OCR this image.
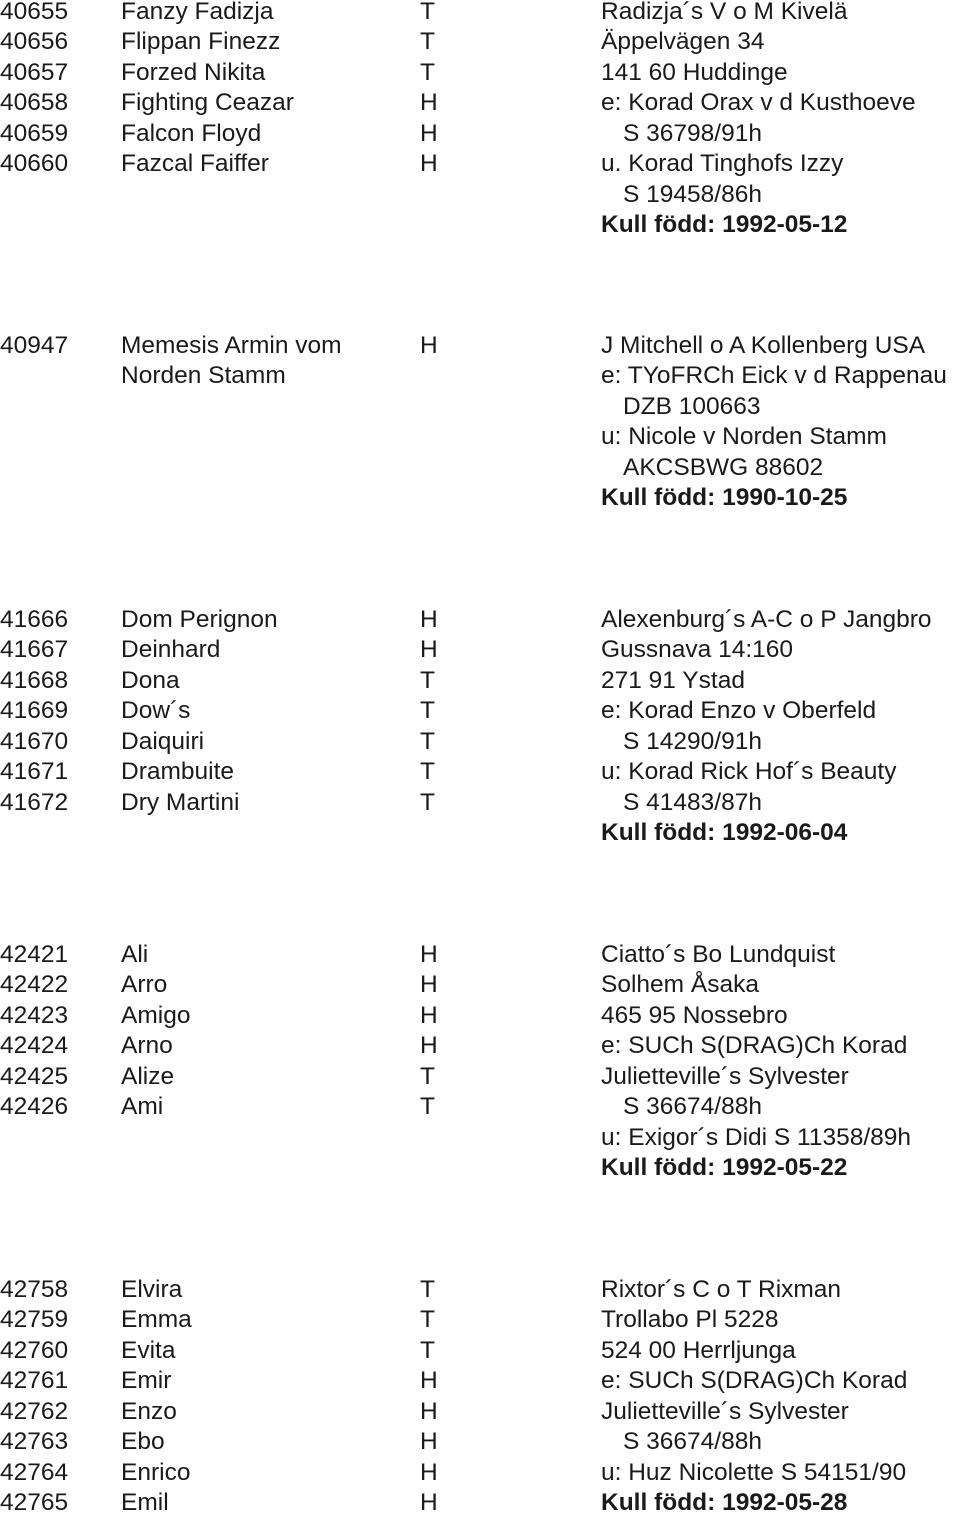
40655 Fanzy Fadizja	T	Radizja´s V o M Kivelä
40656 Flippan Finezz	T	Äppelvägen 34
40657 Forzed Nikita	T	141 60 Huddinge
40658 Fighting Ceazar	H	e: Korad Orax v d Kusthoeve
40659 Falcon Floyd	H	S 36798/91h
40660 Fazcal Faiffer	H	u. Korad Tinghofs Izzy
S 19458/86h
Kull född: 1992-05-12
40947 Memesis Armin vom	H	J Mitchell o A Kollenberg USA
Norden Stamm	e: TYoFRCh Eick v d Rappenau
DZB 100663
u: Nicole v Norden Stamm
AKCSBWG 88602
Kull född: 1990-10-25
41666 Dom Perignon	H	Alexenburg´s A-C o P Jangbro
41667 Deinhard	H	Gussnava 14:160
41668 Dona	T	271 91 Ystad
41669 Dow´s	T	e: Korad Enzo v Oberfeld
41670 Daiquiri	T	S 14290/91h
41671 Drambuite	T	u: Korad Rick Hof´s Beauty
41672 Dry Martini	T	S 41483/87h
Kull född: 1992-06-04
42421 Ali	H	Ciatto´s Bo Lundquist
42422 Arro	H	Solhem Åsaka
42423 Amigo	H	465 95 Nossebro
42424 Arno	H	e: SUCh S(DRAG)Ch Korad
42425 Alize	T	Julietteville´s Sylvester
42426 Ami	T	S 36674/88h
u: Exigor´s Didi S 11358/89h
Kull född: 1992-05-22
42758 Elvira	T	Rixtor´s C o T Rixman
42759 Emma	T	Trollabo Pl 5228
42760 Evita	T	524 00 Herrljunga
42761 Emir	H	e: SUCh S(DRAG)Ch Korad
42762 Enzo	H	Julietteville´s Sylvester
42763 Ebo	H	S 36674/88h
42764 Enrico	H	u: Huz Nicolette S 54151/90
42765 Emil	H	Kull född: 1992-05-28
